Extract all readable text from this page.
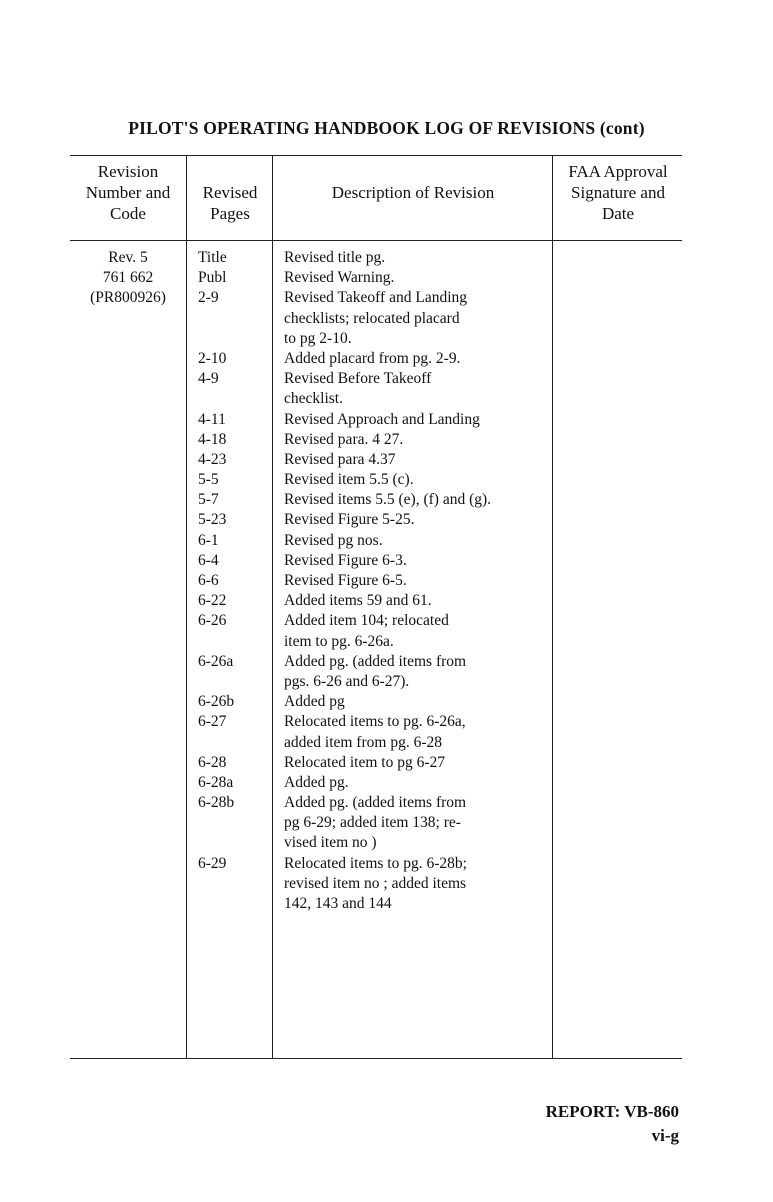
PILOT'S OPERATING HANDBOOK LOG OF REVISIONS (cont)
Revision
Number and
Code
Revised
Pages
Description of Revision
FAA Approval
Signature and
Date
Rev. 5
761 662
(PR800926)
Title
Publ
2-9
2-10
4-9
4-11
4-18
4-23
5-5
5-7
5-23
6-1
6-4
6-6
6-22
6-26
6-26a
6-26b
6-27
6-28
6-28a
6-28b
6-29
Revised title pg.
Revised Warning.
Revised Takeoff and Landing
checklists; relocated placard
to pg 2-10.
Added placard from pg. 2-9.
Revised Before Takeoff
checklist.
Revised Approach and Landing
Revised para. 4 27.
Revised para 4.37
Revised item 5.5 (c).
Revised items 5.5 (e), (f) and (g).
Revised Figure 5-25.
Revised pg nos.
Revised Figure 6-3.
Revised Figure 6-5.
Added items 59 and 61.
Added item 104; relocated
item to pg. 6-26a.
Added pg. (added items from
pgs. 6-26 and 6-27).
Added pg
Relocated items to pg. 6-26a,
added item from pg. 6-28
Relocated item to pg 6-27
Added pg.
Added pg. (added items from
pg 6-29; added item 138; re-
vised item no )
Relocated items to pg. 6-28b;
revised item no ; added items
142, 143 and 144
REPORT: VB-860
vi-g
